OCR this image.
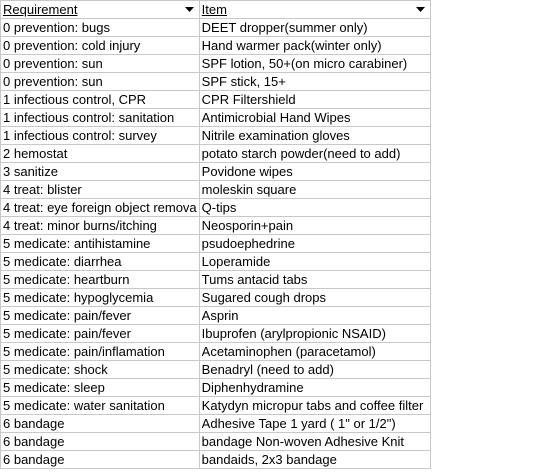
Requirement	Item

0 prevention: bugs	DEET dropper(summer only)

0 prevention: cold injury	Hand warmer pack(winter only)

0 prevention: sun	SPF lotion, 50+(on micro carabiner)

0 prevention: sun	SPF stick, 15+

1 infectious control, CPR	CPR Filtershield

1 infectious control: sanitation	Antimicrobial Hand Wipes

1 infectious control: survey	Nitrile examination gloves

2 hemostat	potato starch powder(need to add)

3 sanitize	Povidone wipes

4 treat: blister	moleskin square

4 treat: eye foreign object remova	Q-tips

4 treat: minor burns/itching	Neosporin+pain

5 medicate: antihistamine	psudoephedrine

5 medicate: diarrhea	Loperamide

5 medicate: heartburn	Tums antacid tabs

5 medicate: hypoglycemia	Sugared cough drops

5 medicate: pain/fever	Asprin

5 medicate: pain/fever	Ibuprofen (arylpropionic NSAID)

5 medicate: pain/inflamation	Acetaminophen (paracetamol)

5 medicate: shock	Benadryl (need to add)

5 medicate: sleep	Diphenhydramine

5 medicate: water sanitation	Katydyn micropur tabs and coffee filter

6 bandage	Adhesive Tape 1 yard ( 1" or 1/2")

6 bandage	bandage Non-woven Adhesive Knit

6 bandage	bandaids, 2x3 bandage
